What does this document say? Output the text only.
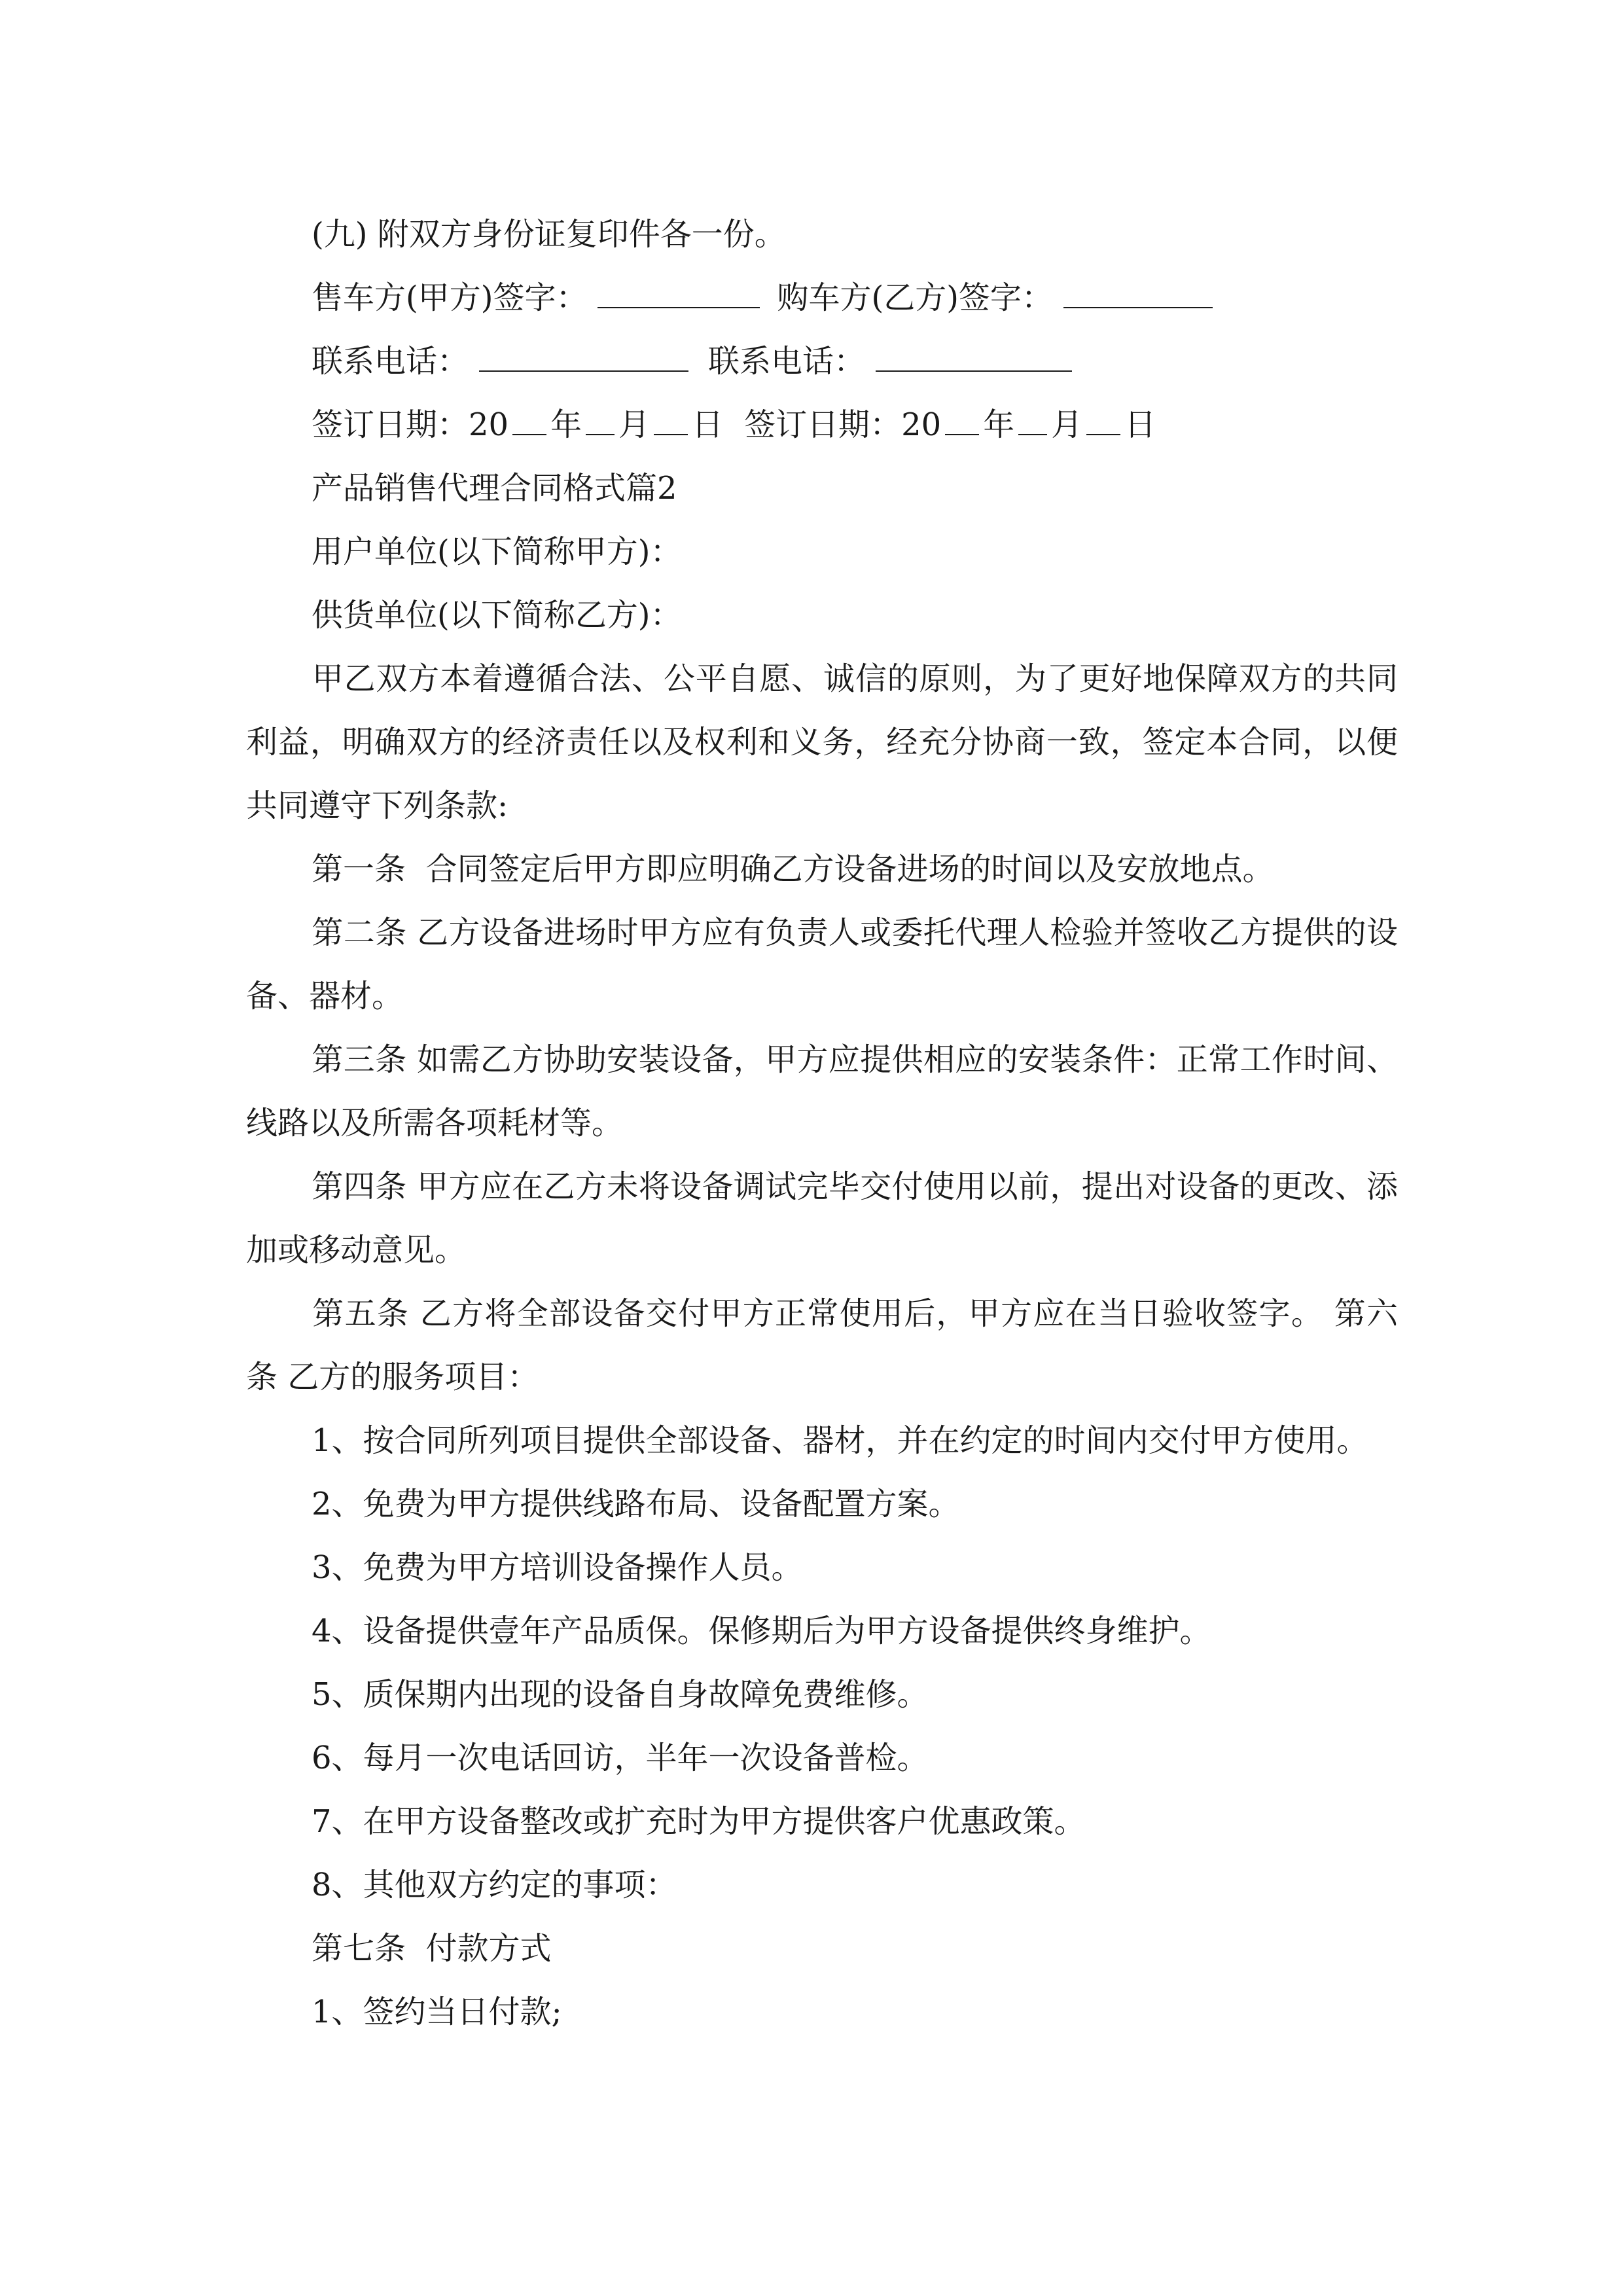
(九) 附双方身份证复印件各一份。

售车方(甲方)签字：	购车方(乙方)签字：

联系电话：	联系电话：

签订日期：20 年 月 日 签订日期：20 年 月 日

产品销售代理合同格式篇2

用户单位(以下简称甲方)：

供货单位(以下简称乙方)：

甲乙双方本着遵循合法、公平自愿、诚信的原则，为了更好地保障双方的共同利益，明确双方的经济责任以及权利和义务，经充分协商一致，签定本合同，以便共同遵守下列条款:

第一条  合同签定后甲方即应明确乙方设备进场的时间以及安放地点。

第二条 乙方设备进场时甲方应有负责人或委托代理人检验并签收乙方提供的设备、器材。

第三条 如需乙方协助安装设备，甲方应提供相应的安装条件：正常工作时间、线路以及所需各项耗材等。

第四条 甲方应在乙方未将设备调试完毕交付使用以前，提出对设备的更改、添加或移动意见。

第五条 乙方将全部设备交付甲方正常使用后，甲方应在当日验收签字。 第六条 乙方的服务项目：

1、按合同所列项目提供全部设备、器材，并在约定的时间内交付甲方使用。

2、免费为甲方提供线路布局、设备配置方案。

3、免费为甲方培训设备操作人员。

4、设备提供壹年产品质保。保修期后为甲方设备提供终身维护。

5、质保期内出现的设备自身故障免费维修。

6、每月一次电话回访，半年一次设备普检。

7、在甲方设备整改或扩充时为甲方提供客户优惠政策。

8、其他双方约定的事项：

第七条  付款方式

1、签约当日付款;
